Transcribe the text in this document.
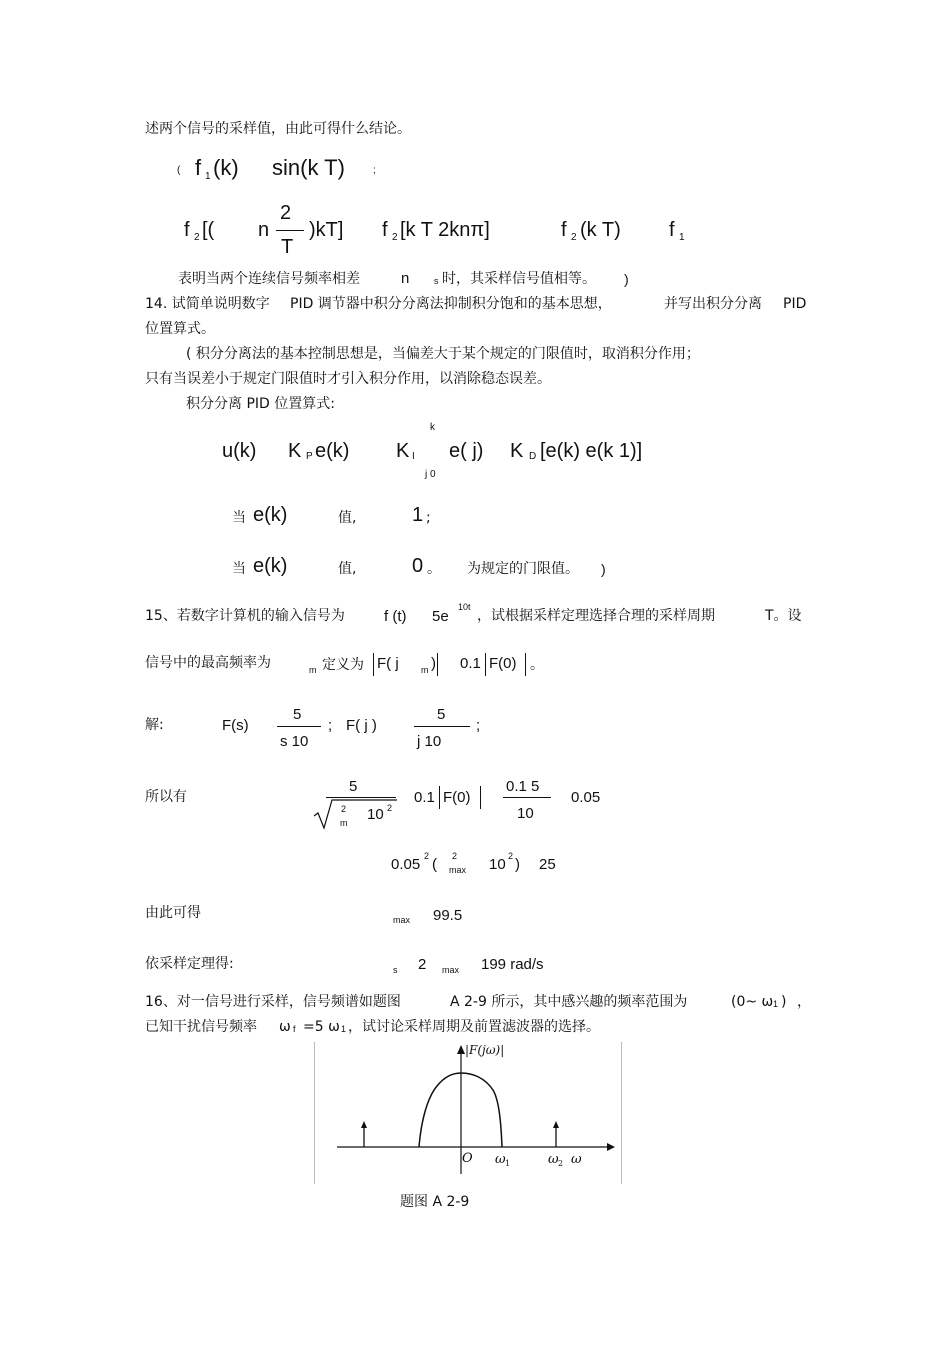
述两个信号的采样值，由此可得什么结论。
( f 1 (k) sin(k T)	;
f 2 [( n
2
T
)kT] f 2 [k T 2knπ]	f 2 (k T) f 1
表明当两个连续信号频率相差	n	s 时，其采样信号值相等。 )
14. 试简单说明数字 PID 调节器中积分分离法抑制积分饱和的基本思想，	并写出积分分离 PID
位置算式。
( 积分分离法的基本控制思想是，当偏差大于某个规定的门限值时，取消积分作用；
只有当误差小于规定门限值时才引入积分作用，以消除稳态误差。
积分分离 PID 位置算式:
u(k) K P e(k) K I
k
j 0
e( j) K D [e(k) e(k 1)]
当 e(k)	值,	1 ;
当 e(k)	值,	0 。 为规定的门限值。 )
15、若数字计算机的输入信号为	f (t) 5e
10t
，试根据采样定理选择合理的采样周期	T。设
信号中的最高频率为	m 定义为 F( j m ) 0.1 F(0) 。
解:	F(s)
5
s 10
; F( j )
5
j 10
;
所以有
5
2
m 10 2
0.1 F(0)
0.1 5
10
0.05
0.05 2 ( 2
max 10 2 ) 25
由此可得	max 99.5
依采样定理得:	s 2 max 199 rad/s
16、对一信号进行采样，信号频谱如题图	A 2-9 所示，其中感兴趣的频率范围为	(0~ ω 1 ) ，
已知干扰信号频率 ω f =5 ω 1 ，试讨论采样周期及前置滤波器的选择。
|F(jω)|
O ω 1	ω 2 ω
题图 A 2-9
